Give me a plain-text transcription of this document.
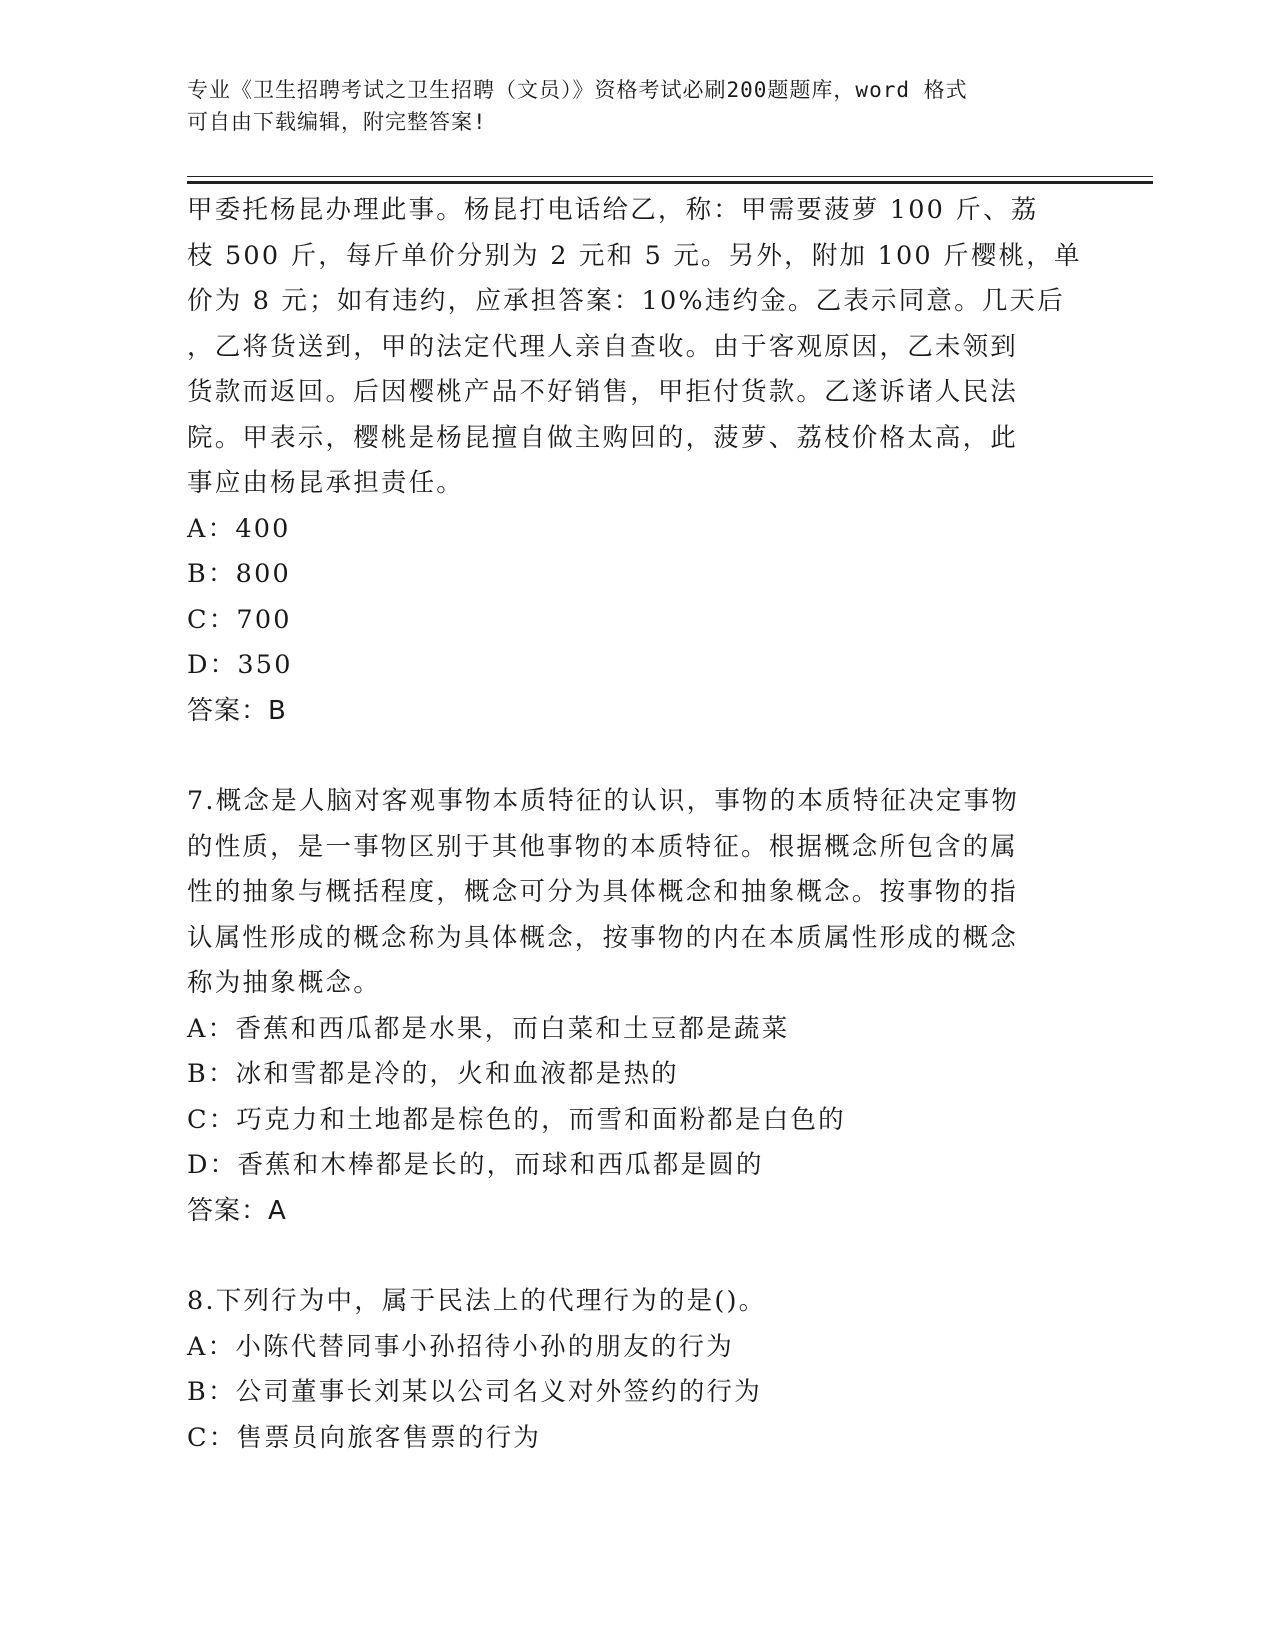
专业《卫生招聘考试之卫生招聘（文员）》资格考试必刷200题题库，word 格式
可自由下载编辑，附完整答案!

甲委托杨昆办理此事。杨昆打电话给乙，称：甲需要菠萝 100 斤、荔

枝 500 斤，每斤单价分别为 2 元和 5 元。另外，附加 100 斤樱桃，单

价为 8 元；如有违约，应承担答案：10%违约金。乙表示同意。几天后

，乙将货送到，甲的法定代理人亲自查收。由于客观原因，乙未领到

货款而返回。后因樱桃产品不好销售，甲拒付货款。乙遂诉诸人民法

院。甲表示，樱桃是杨昆擅自做主购回的，菠萝、荔枝价格太高，此

事应由杨昆承担责任。

A：400

B：800

C：700

D：350

答案：B

7.概念是人脑对客观事物本质特征的认识，事物的本质特征决定事物

的性质，是一事物区别于其他事物的本质特征。根据概念所包含的属

性的抽象与概括程度，概念可分为具体概念和抽象概念。按事物的指

认属性形成的概念称为具体概念，按事物的内在本质属性形成的概念

称为抽象概念。

A：香蕉和西瓜都是水果，而白菜和土豆都是蔬菜

B：冰和雪都是冷的，火和血液都是热的

C：巧克力和土地都是棕色的，而雪和面粉都是白色的

D：香蕉和木棒都是长的，而球和西瓜都是圆的

答案：A

8.下列行为中，属于民法上的代理行为的是()。

A：小陈代替同事小孙招待小孙的朋友的行为

B：公司董事长刘某以公司名义对外签约的行为

C：售票员向旅客售票的行为
